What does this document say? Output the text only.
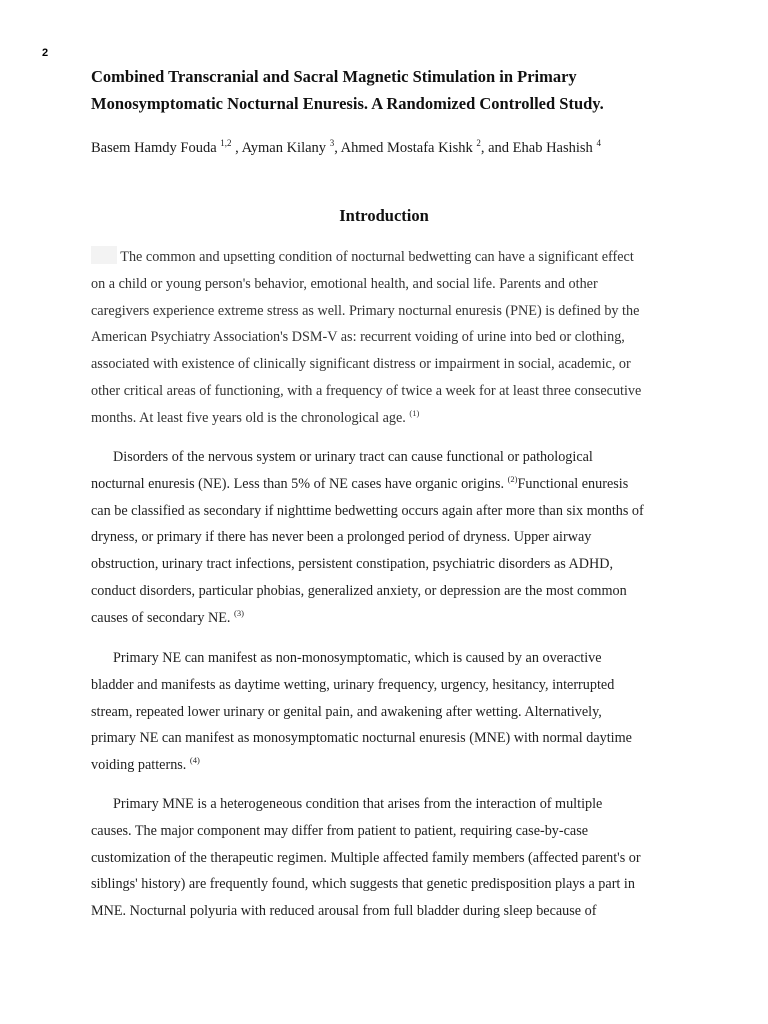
2
Combined Transcranial and Sacral Magnetic Stimulation in Primary
Monosymptomatic Nocturnal Enuresis. A Randomized Controlled Study.
Basem Hamdy Fouda $^{1,2}$ , Ayman Kilany $^3$, Ahmed Mostafa Kishk $^2$, and Ehab Hashish $^4$
Introduction

The common and upsetting condition of nocturnal bedwetting can have a significant effect
on a child or young person's behavior, emotional health, and social life. Parents and other
caregivers experience extreme stress as well. Primary nocturnal enuresis (PNE) is defined by the
American Psychiatry Association's DSM-V as: recurrent voiding of urine into bed or clothing,
associated with existence of clinically significant distress or impairment in social, academic, or
other critical areas of functioning, with a frequency of twice a week for at least three consecutive
months. At least five years old is the chronological age. $^{(1)}$

Disorders of the nervous system or urinary tract can cause functional or pathological
nocturnal enuresis (NE). Less than 5% of NE cases have organic origins. $^{(2)}$Functional enuresis
can be classified as secondary if nighttime bedwetting occurs again after more than six months of
dryness, or primary if there has never been a prolonged period of dryness. Upper airway
obstruction, urinary tract infections, persistent constipation, psychiatric disorders as ADHD,
conduct disorders, particular phobias, generalized anxiety, or depression are the most common
causes of secondary NE. $^{(3)}$

Primary NE can manifest as non-monosymptomatic, which is caused by an overactive
bladder and manifests as daytime wetting, urinary frequency, urgency, hesitancy, interrupted
stream, repeated lower urinary or genital pain, and awakening after wetting. Alternatively,
primary NE can manifest as monosymptomatic nocturnal enuresis (MNE) with normal daytime
voiding patterns. $^{(4)}$

Primary MNE is a heterogeneous condition that arises from the interaction of multiple
causes. The major component may differ from patient to patient, requiring case-by-case
customization of the therapeutic regimen. Multiple affected family members (affected parent's or
siblings' history) are frequently found, which suggests that genetic predisposition plays a part in
MNE. Nocturnal polyuria with reduced arousal from full bladder during sleep because of
